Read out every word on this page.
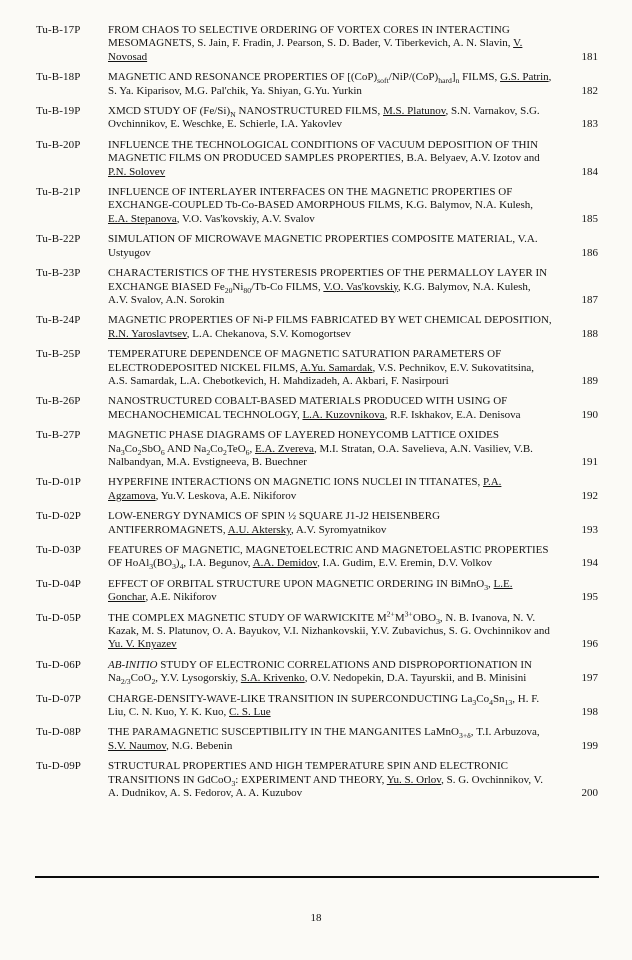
Tu-B-17P	FROM CHAOS TO SELECTIVE ORDERING OF VORTEX CORES IN INTERACTING MESOMAGNETS, S. Jain, F. Fradin, J. Pearson, S. D. Bader, V. Tiberkevich, A. N. Slavin, V. Novosad	181
Tu-B-18P	MAGNETIC AND RESONANCE PROPERTIES OF $[(CoP)_{soft}/NiP/(CoP)_{hard}]_n$ FILMS, G.S. Patrin, S. Ya. Kiparisov, M.G. Pal'chik, Ya. Shiyan, G.Yu. Yurkin	182
Tu-B-19P	XMCD STUDY OF $(Fe/Si)_N$ NANOSTRUCTURED FILMS, M.S. Platunov, S.N. Varnakov, S.G. Ovchinnikov, E. Weschke, E. Schierle, I.A. Yakovlev	183
Tu-B-20P	INFLUENCE THE TECHNOLOGICAL CONDITIONS OF VACUUM DEPOSITION OF THIN MAGNETIC FILMS ON PRODUCED SAMPLES PROPERTIES, B.A. Belyaev, A.V. Izotov and P.N. Solovev	184
Tu-B-21P	INFLUENCE OF INTERLAYER INTERFACES ON THE MAGNETIC PROPERTIES OF EXCHANGE-COUPLED Tb-Co-BASED AMORPHOUS FILMS, K.G. Balymov, N.A. Kulesh, E.A. Stepanova, V.O. Vas'kovskiy, A.V. Svalov	185
Tu-B-22P	SIMULATION OF MICROWAVE MAGNETIC PROPERTIES COMPOSITE MATERIAL, V.A. Ustyugov	186
Tu-B-23P	CHARACTERISTICS OF THE HYSTERESIS PROPERTIES OF THE PERMALLOY LAYER IN EXCHANGE BIASED $Fe_{20}Ni_{80}/Tb-Co$ FILMS, V.O. Vas'kovskiy, K.G. Balymov, N.A. Kulesh, A.V. Svalov, A.N. Sorokin	187
Tu-B-24P	MAGNETIC PROPERTIES OF Ni-P FILMS FABRICATED BY WET CHEMICAL DEPOSITION, R.N. Yaroslavtsev, L.A. Chekanova, S.V. Komogortsev	188
Tu-B-25P	TEMPERATURE DEPENDENCE OF MAGNETIC SATURATION PARAMETERS OF ELECTRODEPOSITED NICKEL FILMS, A.Yu. Samardak, V.S. Pechnikov, E.V. Sukovatitsina, A.S. Samardak, L.A. Chebotkevich, H. Mahdizadeh, A. Akbari, F. Nasirpouri	189
Tu-B-26P	NANOSTRUCTURED COBALT-BASED MATERIALS PRODUCED WITH USING OF MECHANOCHEMICAL TECHNOLOGY, L.A. Kuzovnikova, R.F. Iskhakov, E.A. Denisova	190
Tu-B-27P	MAGNETIC PHASE DIAGRAMS OF LAYERED HONEYCOMB LATTICE OXIDES $Na_3Co_2SbO_6$ AND $Na_2Co_2TeO_6$, E.A. Zvereva, M.I. Stratan, O.A. Savelieva, A.N. Vasiliev, V.B. Nalbandyan, M.A. Evstigneeva, B. Buechner	191
Tu-D-01P	HYPERFINE INTERACTIONS ON MAGNETIC IONS NUCLEI IN TITANATES, P.A. Agzamova, Yu.V. Leskova, A.E. Nikiforov	192
Tu-D-02P	LOW-ENERGY DYNAMICS OF SPIN ½ SQUARE J1-J2 HEISENBERG ANTIFERROMAGNETS, A.U. Aktersky, A.V. Syromyatnikov	193
Tu-D-03P	FEATURES OF MAGNETIC, MAGNETOELECTRIC AND MAGNETOELASTIC PROPERTIES OF $HoAl_3(BO_3)_4$, I.A. Begunov, A.A. Demidov, I.A. Gudim, E.V. Eremin, D.V. Volkov	194
Tu-D-04P	EFFECT OF ORBITAL STRUCTURE UPON MAGNETIC ORDERING IN BiMnO$_3$, L.E. Gonchar, A.E. Nikiforov	195
Tu-D-05P	THE COMPLEX MAGNETIC STUDY OF WARWICKITE $M^{2+}M^{3+}OBO_3$, N. B. Ivanova, N. V. Kazak, M. S. Platunov, O. A. Bayukov, V.I. Nizhankovskii, Y.V. Zubavichus, S. G. Ovchinnikov and Yu. V. Knyazev	196
Tu-D-06P	AB-INITIO STUDY OF ELECTRONIC CORRELATIONS AND DISPROPORTIONATION IN $Na_{2/3}CoO_2$, Y.V. Lysogorskiy, S.A. Krivenko, O.V. Nedopekin, D.A. Tayurskii, and B. Minisini	197
Tu-D-07P	CHARGE-DENSITY-WAVE-LIKE TRANSITION IN SUPERCONDUCTING $La_3Co_4Sn_{13}$, H. F. Liu, C. N. Kuo, Y. K. Kuo, C. S. Lue	198
Tu-D-08P	THE PARAMAGNETIC SUSCEPTIBILITY IN THE MANGANITES LaMnO$_{3+\delta}$, T.I. Arbuzova, S.V. Naumov, N.G. Bebenin	199
Tu-D-09P	STRUCTURAL PROPERTIES AND HIGH TEMPERATURE SPIN AND ELECTRONIC TRANSITIONS IN GdCoO$_3$: EXPERIMENT AND THEORY, Yu. S. Orlov, S. G. Ovchinnikov, V. A. Dudnikov, A. S. Fedorov, A. A. Kuzubov	200
18
